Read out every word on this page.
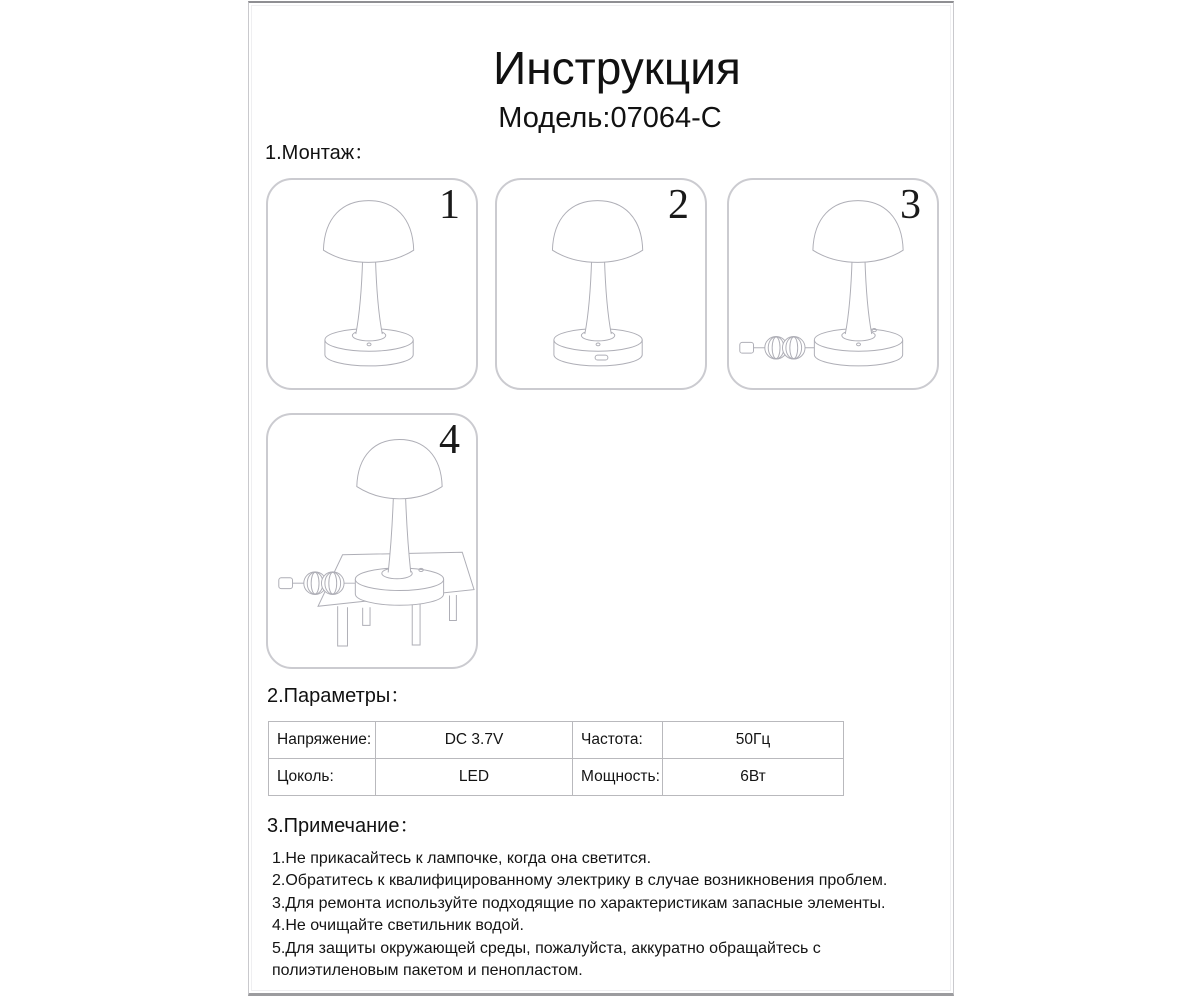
Инструкция
Модель:07064-C
1.Монтаж：
1	2	3
4
2.Параметры：
Напряжение:	DC 3.7V	Частота:	50Гц
Цоколь:	LED	Мощность:	6Вт
3.Примечание：
1.Не прикасайтесь к лампочке, когда она светится.
2.Обратитесь к квалифицированному электрику в случае возникновения проблем.
3.Для ремонта используйте подходящие по характеристикам запасные элементы.
4.Не очищайте светильник водой.
5.Для защиты окружающей среды, пожалуйста, аккуратно обращайтесь с
полиэтиленовым пакетом и пенопластом.
